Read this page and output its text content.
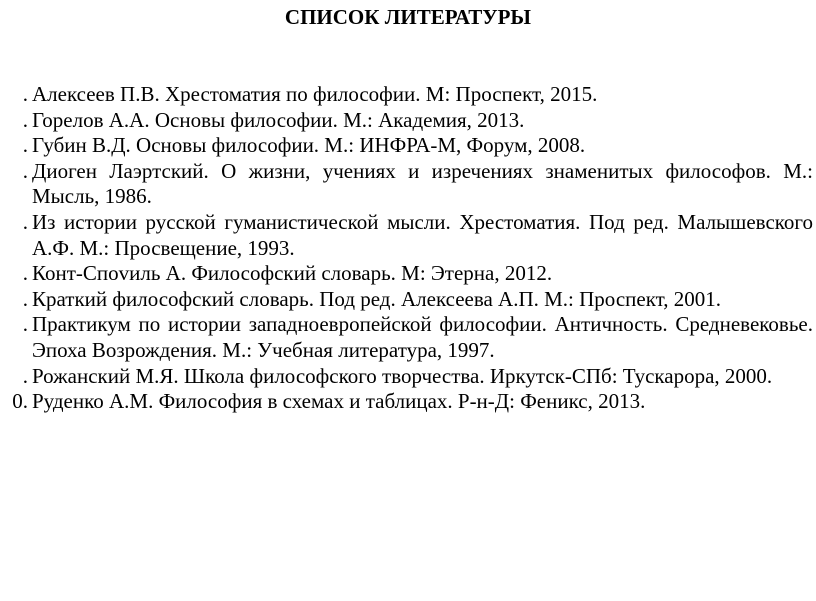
СПИСОК ЛИТЕРАТУРЫ
. Алексеев П.В. Хрестоматия по философии. М: Проспект, 2015.
. Горелов А.А. Основы философии. М.: Академия, 2013.
. Губин В.Д. Основы философии. М.: ИНФРА-М, Форум, 2008.
. Диоген Лаэртский. О жизни, учениях и изречениях знаменитых философов. М.: Мысль, 1986.
. Из истории русской гуманистической мысли. Хрестоматия. Под ред. Малышевского А.Ф. М.: Просвещение, 1993.
. Конт-Споvиль А. Философский словарь. М: Этерна, 2012.
. Краткий философский словарь. Под ред. Алексеева А.П. М.: Проспект, 2001.
. Практикум по истории западноевропейской философии. Античность. Средневековье. Эпоха Возрождения. М.: Учебная литература, 1997.
. Рожанский М.Я. Школа философского творчества. Иркутск-СПб: Тускарора, 2000.
0. Руденко А.М. Философия в схемах и таблицах. Р-н-Д: Феникс, 2013.
